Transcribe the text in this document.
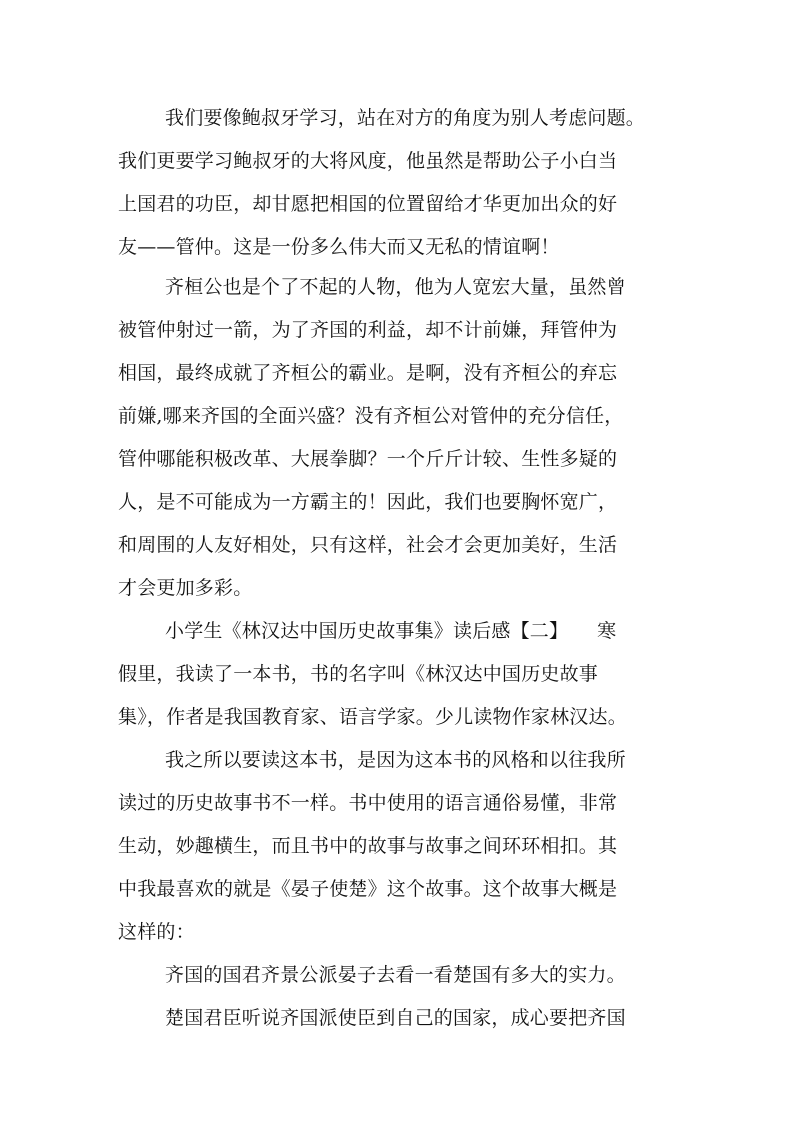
我们要像鲍叔牙学习，站在对方的角度为别人考虑问题。
我们更要学习鲍叔牙的大将风度，他虽然是帮助公子小白当
上国君的功臣，却甘愿把相国的位置留给才华更加出众的好
友——管仲。这是一份多么伟大而又无私的情谊啊！
齐桓公也是个了不起的人物，他为人宽宏大量，虽然曾
被管仲射过一箭，为了齐国的利益，却不计前嫌，拜管仲为
相国，最终成就了齐桓公的霸业。是啊，没有齐桓公的弃忘
前嫌,哪来齐国的全面兴盛？没有齐桓公对管仲的充分信任，
管仲哪能积极改革、大展拳脚？一个斤斤计较、生性多疑的
人，是不可能成为一方霸主的！因此，我们也要胸怀宽广，
和周围的人友好相处，只有这样，社会才会更加美好，生活
才会更加多彩。
小学生《林汉达中国历史故事集》读后感【二】　　寒
假里，我读了一本书，书的名字叫《林汉达中国历史故事
集》，作者是我国教育家、语言学家。少儿读物作家林汉达。
我之所以要读这本书，是因为这本书的风格和以往我所
读过的历史故事书不一样。书中使用的语言通俗易懂，非常
生动，妙趣横生，而且书中的故事与故事之间环环相扣。其
中我最喜欢的就是《晏子使楚》这个故事。这个故事大概是
这样的：
齐国的国君齐景公派晏子去看一看楚国有多大的实力。
楚国君臣听说齐国派使臣到自己的国家，成心要把齐国
